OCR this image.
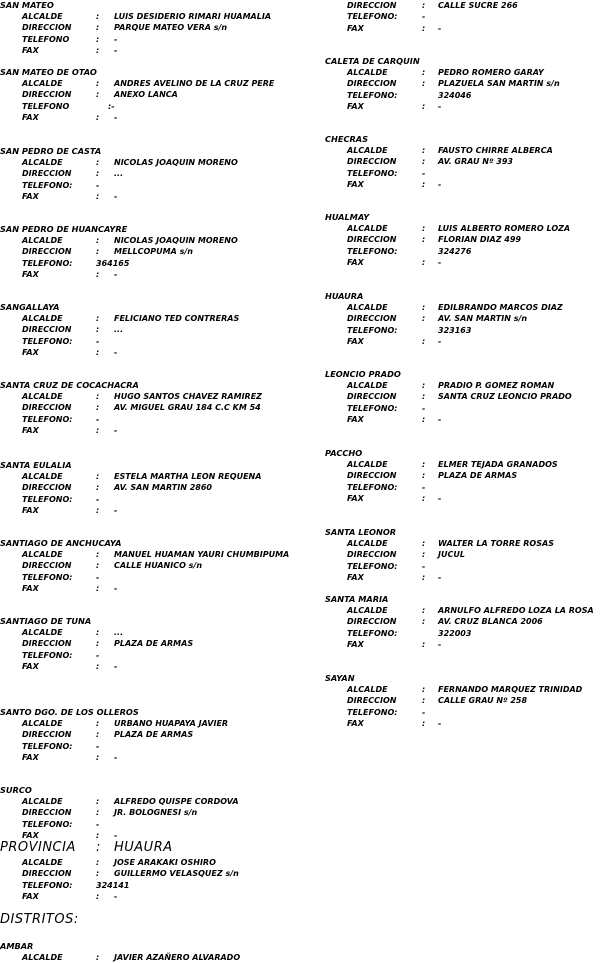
SAN MATEO
ALCALDE	: LUIS DESIDERIO RIMARI HUAMALIA
DIRECCION	: PARQUE MATEO VERA s/n
TELEFONO	: -
FAX	: -
SAN MATEO DE OTAO
ALCALDE	: ANDRES AVELINO DE LA CRUZ PERE
DIRECCION	: ANEXO LANCA
TELEFONO	:-
FAX	: -
SAN PEDRO DE CASTA
ALCALDE	: NICOLAS JOAQUIN MORENO
DIRECCION	: ...
TELEFONO:	-
FAX	: -
SAN PEDRO DE HUANCAYRE
ALCALDE	: NICOLAS JOAQUIN MORENO
DIRECCION	: MELLCOPUMA s/n
TELEFONO:	364165
FAX	: -
SANGALLAYA
ALCALDE	: FELICIANO TED CONTRERAS
DIRECCION	: ...
TELEFONO:	-
FAX	: -
SANTA CRUZ DE COCACHACRA
ALCALDE	: HUGO SANTOS CHAVEZ RAMIREZ
DIRECCION	: AV. MIGUEL GRAU 184 C.C KM 54
TELEFONO:	-
FAX	: -
SANTA EULALIA
ALCALDE	: ESTELA MARTHA LEON REQUENA
DIRECCION	: AV. SAN MARTIN 2860
TELEFONO:	-
FAX	: -
SANTIAGO DE ANCHUCAYA
ALCALDE	: MANUEL HUAMAN YAURI CHUMBIPUMA
DIRECCION	: CALLE HUANICO s/n
TELEFONO:	-
FAX	: -
SANTIAGO DE TUNA
ALCALDE	: ...
DIRECCION	: PLAZA DE ARMAS
TELEFONO:	-
FAX	: -
SANTO DGO. DE LOS OLLEROS
ALCALDE	: URBANO HUAPAYA JAVIER
DIRECCION	: PLAZA DE ARMAS
TELEFONO:	-
FAX	: -
SURCO
ALCALDE	: ALFREDO QUISPE CORDOVA
DIRECCION	: JR. BOLOGNESI s/n
TELEFONO:	-
FAX	: -
PROVINCIA : HUAURA
ALCALDE	: JOSE ARAKAKI OSHIRO
DIRECCION	: GUILLERMO VELASQUEZ s/n
TELEFONO:	324141
FAX	: -
DISTRITOS:
AMBAR
ALCALDE	: JAVIER AZAÑERO ALVARADO
DIRECCION	: CALLE SUCRE 266
TELEFONO:	-
FAX	: -
CALETA DE CARQUIN
ALCALDE	: PEDRO ROMERO GARAY
DIRECCION	: PLAZUELA SAN MARTIN s/n
TELEFONO:	324046
FAX	: -
CHECRAS
ALCALDE	: FAUSTO CHIRRE ALBERCA
DIRECCION	: AV. GRAU Nº 393
TELEFONO:	-
FAX	: -
HUALMAY
ALCALDE	: LUIS ALBERTO ROMERO LOZA
DIRECCION	: FLORIAN DIAZ 499
TELEFONO:	324276
FAX	: -
HUAURA
ALCALDE	: EDILBRANDO MARCOS DIAZ
DIRECCION	: AV. SAN MARTIN s/n
TELEFONO:	323163
FAX	: -
LEONCIO PRADO
ALCALDE	: PRADIO P. GOMEZ ROMAN
DIRECCION	: SANTA CRUZ LEONCIO PRADO
TELEFONO:	-
FAX	: -
PACCHO
ALCALDE	: ELMER TEJADA GRANADOS
DIRECCION	: PLAZA DE ARMAS
TELEFONO:	-
FAX	: -
SANTA LEONOR
ALCALDE	: WALTER LA TORRE ROSAS
DIRECCION	: JUCUL
TELEFONO:	-
FAX	: -
SANTA MARIA
ALCALDE	: ARNULFO ALFREDO LOZA LA ROSA
DIRECCION	: AV. CRUZ BLANCA 2006
TELEFONO:	322003
FAX	: -
SAYAN
ALCALDE	: FERNANDO MARQUEZ TRINIDAD
DIRECCION	: CALLE GRAU Nº 258
TELEFONO:	-
FAX	: -
